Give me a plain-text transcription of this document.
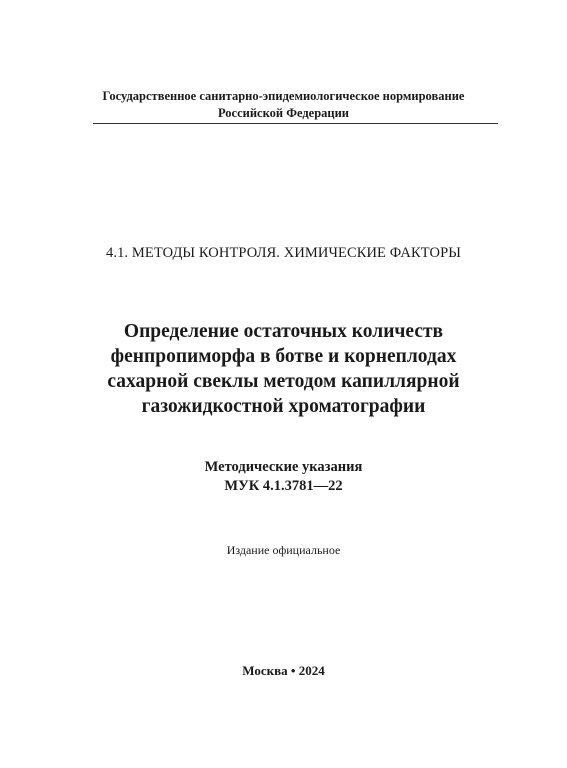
Государственное санитарно-эпидемиологическое нормирование
Российской Федерации
4.1. МЕТОДЫ КОНТРОЛЯ. ХИМИЧЕСКИЕ ФАКТОРЫ
Определение остаточных количеств
фенпропиморфа в ботве и корнеплодах
сахарной свеклы методом капиллярной
газожидкостной хроматографии
Методические указания
МУК 4.1.3781—22
Издание официальное
Москва • 2024
